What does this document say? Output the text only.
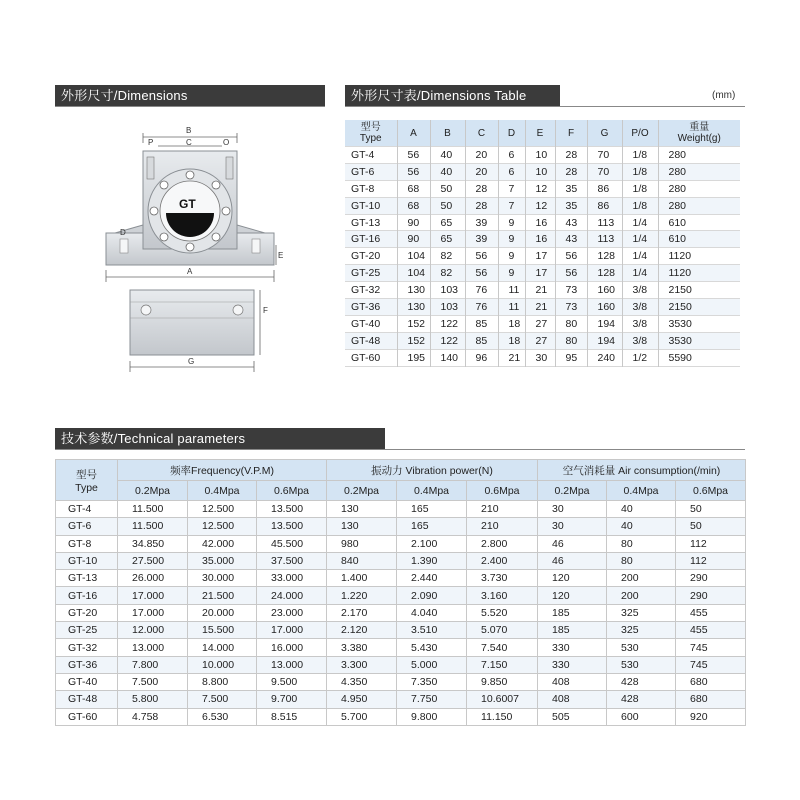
外形尺寸/Dimensions	外形尺寸表/Dimensions Table	(mm)
技术参数/Technical parameters
B
C
P	O
GT
D
E
A
F
G
型号
Type	A	B	C	D	E	F	G	P/O	重量
Weight(g)
GT-4	56	40	20	6	10	28	70	1/8	280
GT-6	56	40	20	6	10	28	70	1/8	280
GT-8	68	50	28	7	12	35	86	1/8	280
GT-10	68	50	28	7	12	35	86	1/8	280
GT-13	90	65	39	9	16	43	113	1/4	610
GT-16	90	65	39	9	16	43	113	1/4	610
GT-20	104	82	56	9	17	56	128	1/4	1120
GT-25	104	82	56	9	17	56	128	1/4	1120
GT-32	130	103	76	11	21	73	160	3/8	2150
GT-36	130	103	76	11	21	73	160	3/8	2150
GT-40	152	122	85	18	27	80	194	3/8	3530
GT-48	152	122	85	18	27	80	194	3/8	3530
GT-60	195	140	96	21	30	95	240	1/2	5590
型号
Type	频率Frequency(V.P.M)			振动力 Vibration power(N)			空气消耗量 Air consumption(/min)		
	0.2Mpa	0.4Mpa	0.6Mpa	0.2Mpa	0.4Mpa	0.6Mpa	0.2Mpa	0.4Mpa	0.6Mpa
GT-4	11.500	12.500	13.500	130	165	210	30	40	50
GT-6	11.500	12.500	13.500	130	165	210	30	40	50
GT-8	34.850	42.000	45.500	980	2.100	2.800	46	80	112
GT-10	27.500	35.000	37.500	840	1.390	2.400	46	80	112
GT-13	26.000	30.000	33.000	1.400	2.440	3.730	120	200	290
GT-16	17.000	21.500	24.000	1.220	2.090	3.160	120	200	290
GT-20	17.000	20.000	23.000	2.170	4.040	5.520	185	325	455
GT-25	12.000	15.500	17.000	2.120	3.510	5.070	185	325	455
GT-32	13.000	14.000	16.000	3.380	5.430	7.540	330	530	745
GT-36	7.800	10.000	13.000	3.300	5.000	7.150	330	530	745
GT-40	7.500	8.800	9.500	4.350	7.350	9.850	408	428	680
GT-48	5.800	7.500	9.700	4.950	7.750	10.6007	408	428	680
GT-60	4.758	6.530	8.515	5.700	9.800	11.150	505	600	920
